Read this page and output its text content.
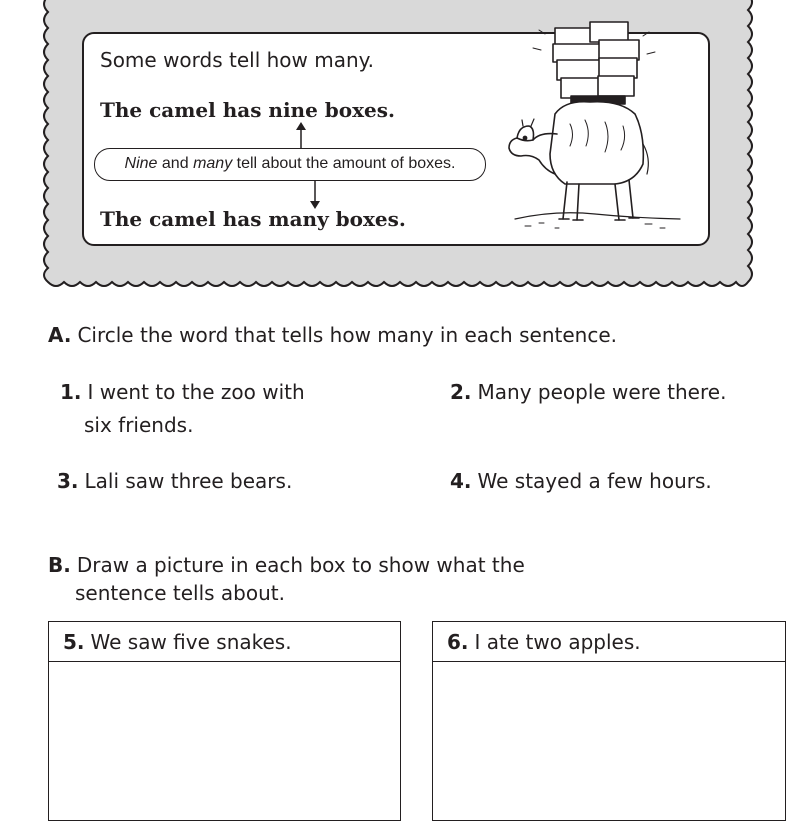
Some words tell how many.
The camel has nine boxes.
Nine and many tell about the amount of boxes.
The camel has many boxes.
A. Circle the word that tells how many in each sentence.
1. I went to the zoo with
six friends.
2. Many people were there.
3. Lali saw three bears.	4. We stayed a few hours.
B. Draw a picture in each box to show what the
sentence tells about.
5. We saw five snakes.	6. I ate two apples.
